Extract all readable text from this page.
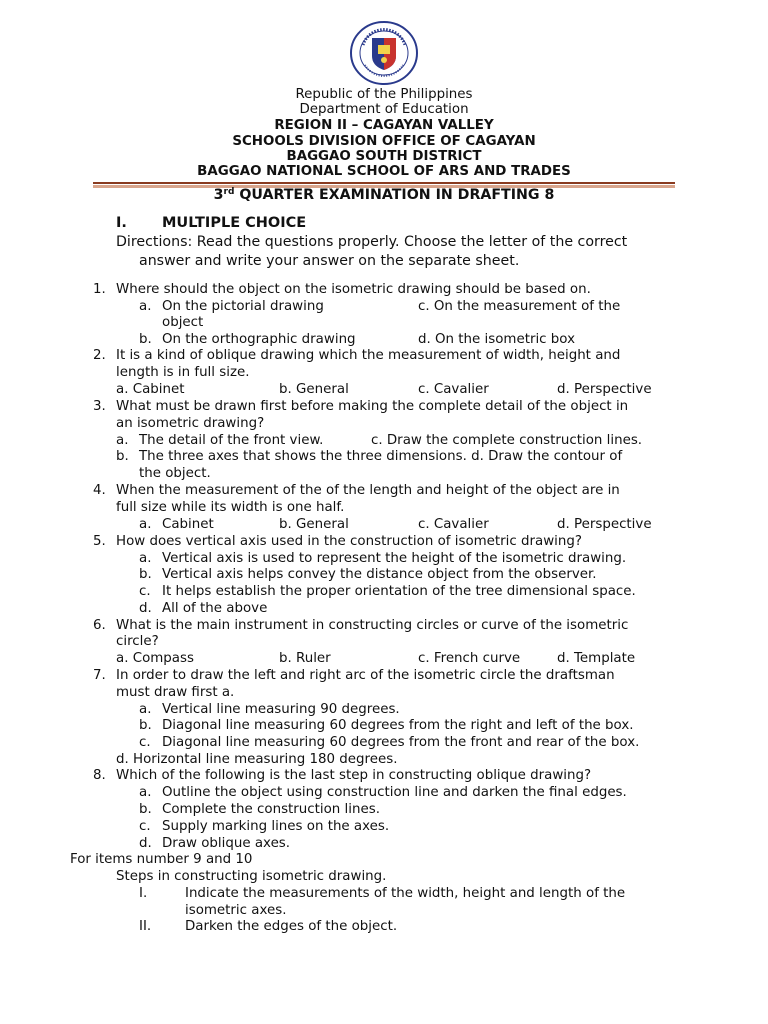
Republic of the Philippines
Department of Education
REGION II – CAGAYAN VALLEY
SCHOOLS DIVISION OFFICE OF CAGAYAN
BAGGAO SOUTH DISTRICT
BAGGAO NATIONAL SCHOOL OF ARS AND TRADES
3rd QUARTER EXAMINATION IN DRAFTING 8
I. MULTIPLE CHOICE
Directions: Read the questions properly. Choose the letter of the correct
answer and write your answer on the separate sheet.
1. Where should the object on the isometric drawing should be based on.
a. On the pictorial drawing	c. On the measurement of the
object
b. On the orthographic drawing	d. On the isometric box
2. It is a kind of oblique drawing which the measurement of width, height and
length is in full size.
a. Cabinet	b. General	c. Cavalier	d. Perspective
3. What must be drawn first before making the complete detail of the object in
an isometric drawing?
a. The detail of the front view.	c. Draw the complete construction lines.
b. The three axes that shows the three dimensions. d. Draw the contour of
the object.
4. When the measurement of the of the length and height of the object are in
full size while its width is one half.
a. Cabinet	b. General	c. Cavalier	d. Perspective
5. How does vertical axis used in the construction of isometric drawing?
a. Vertical axis is used to represent the height of the isometric drawing.
b. Vertical axis helps convey the distance object from the observer.
c. It helps establish the proper orientation of the tree dimensional space.
d. All of the above
6. What is the main instrument in constructing circles or curve of the isometric
circle?
a. Compass	b. Ruler	c. French curve	d. Template
7. In order to draw the left and right arc of the isometric circle the draftsman
must draw first a.
a. Vertical line measuring 90 degrees.
b. Diagonal line measuring 60 degrees from the right and left of the box.
c. Diagonal line measuring 60 degrees from the front and rear of the box.
d. Horizontal line measuring 180 degrees.
8. Which of the following is the last step in constructing oblique drawing?
a. Outline the object using construction line and darken the final edges.
b. Complete the construction lines.
c. Supply marking lines on the axes.
d. Draw oblique axes.
For items number 9 and 10
Steps in constructing isometric drawing.
I.	Indicate the measurements of the width, height and length of the
isometric axes.
II.	Darken the edges of the object.
